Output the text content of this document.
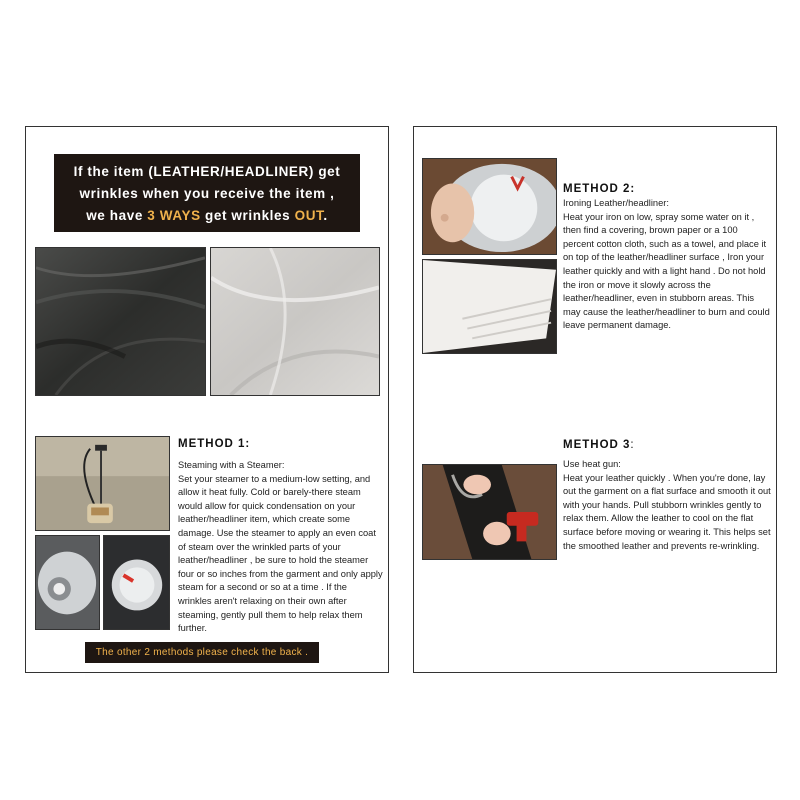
If the item (LEATHER/HEADLINER) get
wrinkles when you receive the item ,
we have 3 WAYS get wrinkles OUT.
METHOD 1:
Steaming with a Steamer:
Set your steamer to a medium-low setting, and allow it heat fully. Cold or barely-there steam would allow for quick condensation on your leather/headliner item, which create some damage. Use the steamer to apply an even coat of steam over the wrinkled parts of your leather/headliner , be sure to hold the steamer four or so inches from the garment and only apply steam for a second or so at a time . If the wrinkles aren't relaxing on their own after steaming, gently pull them to help relax them further.
The other 2 methods please check the back .
METHOD 2:
Ironing Leather/headliner:
Heat your iron on low, spray some water on it , then find a covering, brown paper or a 100 percent cotton cloth, such as a towel, and place it on top of the leather/headliner surface , Iron your leather quickly and with a light hand . Do not hold the iron or move it slowly across the leather/headliner, even in stubborn areas. This may cause the leather/headliner to burn and could leave permanent damage.
METHOD 3:
Use heat gun:
Heat your leather quickly . When you're done, lay out the garment on a flat surface and smooth it out with your hands. Pull stubborn wrinkles gently to relax them. Allow the leather to cool on the flat surface before moving or wearing it. This helps set the smoothed leather and prevents re-wrinkling.
